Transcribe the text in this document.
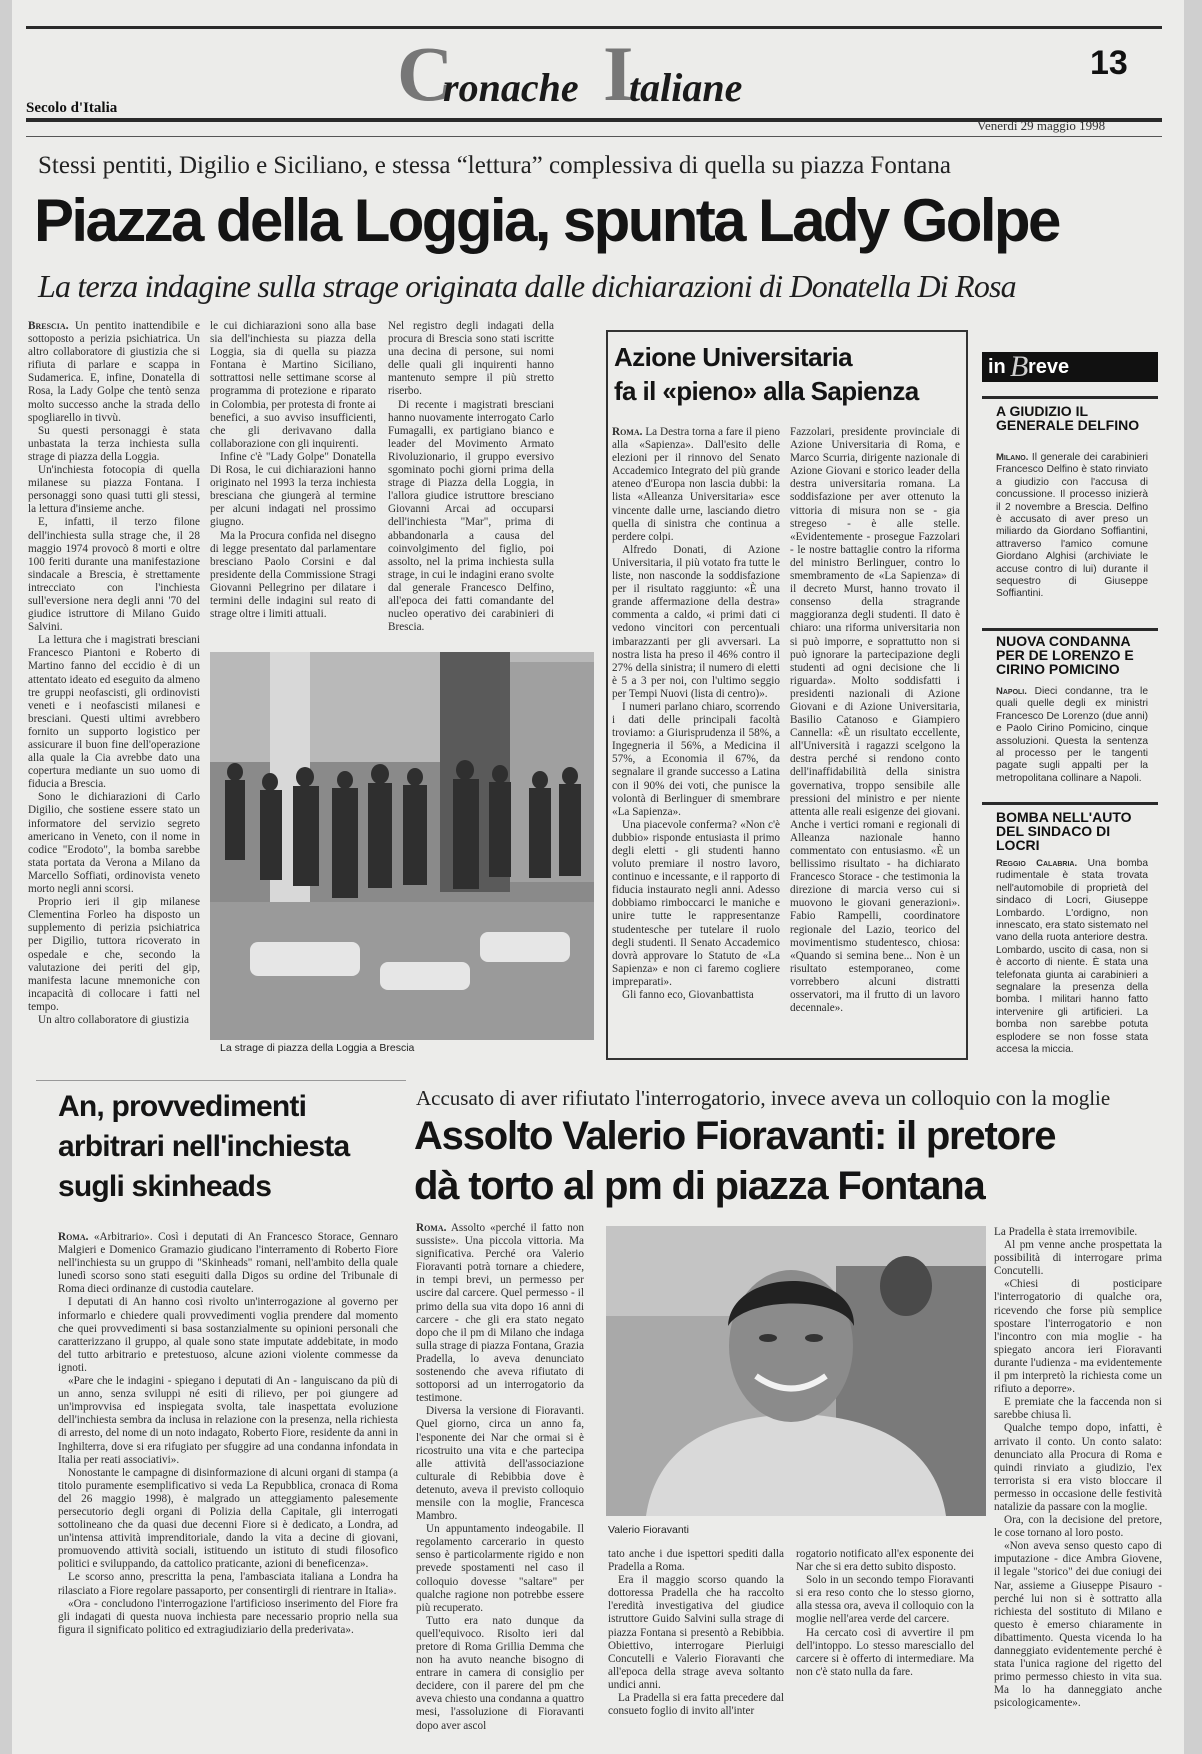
C
ronache I
taliane
13
Secolo d'Italia
Venerdì 29 maggio 1998
Stessi pentiti, Digilio e Siciliano, e stessa “lettura” complessiva di quella su piazza Fontana
Piazza della Loggia, spunta Lady Golpe
La terza indagine sulla strage originata dalle dichiarazioni di Donatella Di Rosa

Brescia. Un pentito inattendibile e sottoposto a perizia psichiatrica. Un altro collaboratore di giustizia che si rifiuta di parlare e scappa in Sudamerica. E, infine, Donatella di Rosa, la Lady Golpe che tentò senza molto successo anche la strada dello spogliarello in tivvù.

Su questi personaggi è stata unbastata la terza inchiesta sulla strage di piazza della Loggia.

Un'inchiesta fotocopia di quella milanese su piazza Fontana. I personaggi sono quasi tutti gli stessi, la lettura d'insieme anche.

E, infatti, il terzo filone dell'inchiesta sulla strage che, il 28 maggio 1974 provocò 8 morti e oltre 100 feriti durante una manifestazione sindacale a Brescia, è strettamente intrecciato con l'inchiesta sull'eversione nera degli anni '70 del giudice istruttore di Milano Guido Salvini.

La lettura che i magistrati bresciani Francesco Piantoni e Roberto di Martino fanno del eccidio è di un attentato ideato ed eseguito da almeno tre gruppi neofascisti, gli ordinovisti veneti e i neofascisti milanesi e bresciani. Questi ultimi avrebbero fornito un supporto logistico per assicurare il buon fine dell'operazione alla quale la Cia avrebbe dato una copertura mediante un suo uomo di fiducia a Brescia.

Sono le dichiarazioni di Carlo Digilio, che sostiene essere stato un informatore del servizio segreto americano in Veneto, con il nome in codice "Erodoto", la bomba sarebbe stata portata da Verona a Milano da Marcello Soffiati, ordinovista veneto morto negli anni scorsi.

Proprio ieri il gip milanese Clementina Forleo ha disposto un supplemento di perizia psichiatrica per Digilio, tuttora ricoverato in ospedale e che, secondo la valutazione dei periti del gip, manifesta lacune mnemoniche con incapacità di collocare i fatti nel tempo.

Un altro collaboratore di giustizia

le cui dichiarazioni sono alla base sia dell'inchiesta su piazza della Loggia, sia di quella su piazza Fontana è Martino Siciliano, sottrattosi nelle settimane scorse al programma di protezione e riparato in Colombia, per protesta di fronte ai benefici, a suo avviso insufficienti, che gli derivavano dalla collaborazione con gli inquirenti.

Infine c'è "Lady Golpe" Donatella Di Rosa, le cui dichiarazioni hanno originato nel 1993 la terza inchiesta bresciana che giungerà al termine per alcuni indagati nel prossimo giugno.

Ma la Procura confida nel disegno di legge presentato dal parlamentare bresciano Paolo Corsini e dal presidente della Commissione Stragi Giovanni Pellegrino per dilatare i termini delle indagini sul reato di strage oltre i limiti attuali.

Nel registro degli indagati della procura di Brescia sono stati iscritte una decina di persone, sui nomi delle quali gli inquirenti hanno mantenuto sempre il più stretto riserbo.

Di recente i magistrati bresciani hanno nuovamente interrogato Carlo Fumagalli, ex partigiano bianco e leader del Movimento Armato Rivoluzionario, il gruppo eversivo sgominato pochi giorni prima della strage di Piazza della Loggia, in l'allora giudice istruttore bresciano Giovanni Arcai ad occuparsi dell'inchiesta "Mar", prima di abbandonarla a causa del coinvolgimento del figlio, poi assolto, nel la prima inchiesta sulla strage, in cui le indagini erano svolte dal generale Francesco Delfino, all'epoca dei fatti comandante del nucleo operativo dei carabinieri di Brescia.

La strage di piazza della Loggia a Brescia
Azione Universitaria
fa il «pieno» alla Sapienza

Roma. La Destra torna a fare il pieno alla «Sapienza». Dall'esito delle elezioni per il rinnovo del Senato Accademico Integrato del più grande ateneo d'Europa non lascia dubbi: la lista «Alleanza Universitaria» esce vincente dalle urne, lasciando dietro quella di sinistra che continua a perdere colpi.

Alfredo Donati, di Azione Universitaria, il più votato fra tutte le liste, non nasconde la soddisfazione per il risultato raggiunto: «È una grande affermazione della destra» commenta a caldo, «i primi dati ci vedono vincitori con percentuali imbarazzanti per gli avversari. La nostra lista ha preso il 46% contro il 27% della sinistra; il numero di eletti è 5 a 3 per noi, con l'ultimo seggio per Tempi Nuovi (lista di centro)».

I numeri parlano chiaro, scorrendo i dati delle principali facoltà troviamo: a Giurisprudenza il 58%, a Ingegneria il 56%, a Medicina il 57%, a Economia il 67%, da segnalare il grande successo a Latina con il 90% dei voti, che punisce la volontà di Berlinguer di smembrare «La Sapienza».

Una piacevole conferma? «Non c'è dubbio» risponde entusiasta il primo degli eletti - gli studenti hanno voluto premiare il nostro lavoro, continuo e incessante, e il rapporto di fiducia instaurato negli anni. Adesso dobbiamo rimboccarci le maniche e unire tutte le rappresentanze studentesche per tutelare il ruolo degli studenti. Il Senato Accademico dovrà approvare lo Statuto de «La Sapienza» e non ci faremo cogliere impreparati».

Gli fanno eco, Giovanbattista

Fazzolari, presidente provinciale di Azione Universitaria di Roma, e Marco Scurria, dirigente nazionale di Azione Giovani e storico leader della destra universitaria romana. La soddisfazione per aver ottenuto la vittoria di misura non se - gia stregeso - è alle stelle. «Evidentemente - prosegue Fazzolari - le nostre battaglie contro la riforma del ministro Berlinguer, contro lo smembramento de «La Sapienza» di il decreto Murst, hanno trovato il consenso della stragrande maggioranza degli studenti. Il dato è chiaro: una riforma universitaria non si può imporre, e soprattutto non si può ignorare la partecipazione degli studenti ad ogni decisione che li riguarda». Molto soddisfatti i presidenti nazionali di Azione Giovani e di Azione Universitaria, Basilio Catanoso e Giampiero Cannella: «È un risultato eccellente, all'Università i ragazzi scelgono la destra perché si rendono conto dell'inaffidabilità della sinistra governativa, troppo sensibile alle pressioni del ministro e per niente attenta alle reali esigenze dei giovani. Anche i vertici romani e regionali di Alleanza nazionale hanno commentato con entusiasmo. «È un bellissimo risultato - ha dichiarato Francesco Storace - che testimonia la direzione di marcia verso cui si muovono le giovani generazioni». Fabio Rampelli, coordinatore regionale del Lazio, teorico del movimentismo studentesco, chiosa: «Quando si semina bene... Non è un risultato estemporaneo, come vorrebbero alcuni distratti osservatori, ma il frutto di un lavoro decennale».

in B reve
A GIUDIZIO IL GENERALE DELFINO
Milano. Il generale dei carabinieri Francesco Delfino è stato rinviato a giudizio con l'accusa di concussione. Il processo inizierà il 2 novembre a Brescia. Delfino è accusato di aver preso un miliardo da Giordano Soffiantini, attraverso l'amico comune Giordano Alghisi (archiviate le accuse contro di lui) durante il sequestro di Giuseppe Soffiantini.
NUOVA CONDANNA PER DE LORENZO E CIRINO POMICINO
Napoli. Dieci condanne, tra le quali quelle degli ex ministri Francesco De Lorenzo (due anni) e Paolo Cirino Pomicino, cinque assoluzioni. Questa la sentenza al processo per le tangenti pagate sugli appalti per la metropolitana collinare a Napoli.
BOMBA NELL'AUTO DEL SINDACO DI LOCRI
Reggio Calabria. Una bomba rudimentale è stata trovata nell'automobile di proprietà del sindaco di Locri, Giuseppe Lombardo. L'ordigno, non innescato, era stato sistemato nel vano della ruota anteriore destra. Lombardo, uscito di casa, non si è accorto di niente. È stata una telefonata giunta ai carabinieri a segnalare la presenza della bomba. I militari hanno fatto intervenire gli artificieri. La bomba non sarebbe potuta esplodere se non fosse stata accesa la miccia.
An, provvedimenti arbitrari nell'inchiesta sugli skinheads

Roma. «Arbitrario». Così i deputati di An Francesco Storace, Gennaro Malgieri e Domenico Gramazio giudicano l'interramento di Roberto Fiore nell'inchiesta su un gruppo di "Skinheads" romani, nell'ambito della quale lunedì scorso sono stati eseguiti dalla Digos su ordine del Tribunale di Roma dieci ordinanze di custodia cautelare.

I deputati di An hanno così rivolto un'interrogazione al governo per informarlo e chiedere quali provvedimenti voglia prendere dal momento che quei provvedimenti si basa sostanzialmente su opinioni personali che caratterizzano il gruppo, al quale sono state imputate addebitate, in modo del tutto arbitrario e pretestuoso, alcune azioni violente commesse da ignoti.

«Pare che le indagini - spiegano i deputati di An - languiscano da più di un anno, senza sviluppi né esiti di rilievo, per poi giungere ad un'improvvisa ed inspiegata svolta, tale inaspettata evoluzione dell'inchiesta sembra da inclusa in relazione con la presenza, nella richiesta di arresto, del nome di un noto indagato, Roberto Fiore, residente da anni in Inghilterra, dove si era rifugiato per sfuggire ad una condanna infondata in Italia per reati associativi».

Nonostante le campagne di disinformazione di alcuni organi di stampa (a titolo puramente esemplificativo si veda La Repubblica, cronaca di Roma del 26 maggio 1998), è malgrado un atteggiamento palesemente persecutorio degli organi di Polizia della Capitale, gli interrogati sottolineano che da quasi due decenni Fiore si è dedicato, a Londra, ad un'intensa attività imprenditoriale, dando la vita a decine di giovani, promuovendo attività sociali, istituendo un istituto di studi filosofico politici e sviluppando, da cattolico praticante, azioni di beneficenza».

Le scorso anno, prescritta la pena, l'ambasciata italiana a Londra ha rilasciato a Fiore regolare passaporto, per consentirgli di rientrare in Italia».

«Ora - concludono l'interrogazione l'artificioso inserimento del Fiore fra gli indagati di questa nuova inchiesta pare necessario proprio nella sua figura il significato politico ed extragiudiziario della prederivata».

Accusato di aver rifiutato l'interrogatorio, invece aveva un colloquio con la moglie
Assolto Valerio Fioravanti: il pretore
dà torto al pm di piazza Fontana

Roma. Assolto «perché il fatto non sussiste». Una piccola vittoria. Ma significativa. Perché ora Valerio Fioravanti potrà tornare a chiedere, in tempi brevi, un permesso per uscire dal carcere. Quel permesso - il primo della sua vita dopo 16 anni di carcere - che gli era stato negato dopo che il pm di Milano che indaga sulla strage di piazza Fontana, Grazia Pradella, lo aveva denunciato sostenendo che aveva rifiutato di sottoporsi ad un interrogatorio da testimone.

Diversa la versione di Fioravanti. Quel giorno, circa un anno fa, l'esponente dei Nar che ormai si è ricostruito una vita e che partecipa alle attività dell'associazione culturale di Rebibbia dove è detenuto, aveva il previsto colloquio mensile con la moglie, Francesca Mambro.

Un appuntamento indeogabile. Il regolamento carcerario in questo senso è particolarmente rigido e non prevede spostamenti nel caso il colloquio dovesse "saltare" per qualche ragione non potrebbe essere più recuperato.

Tutto era nato dunque da quell'equivoco. Risolto ieri dal pretore di Roma Grillia Demma che non ha avuto neanche bisogno di entrare in camera di consiglio per decidere, con il parere del pm che aveva chiesto una condanna a quattro mesi, l'assoluzione di Fioravanti dopo aver ascol

Valerio Fioravanti

tato anche i due ispettori spediti dalla Pradella a Roma.

Era il maggio scorso quando la dottoressa Pradella che ha raccolto l'eredità investigativa del giudice istruttore Guido Salvini sulla strage di piazza Fontana si presentò a Rebibbia. Obiettivo, interrogare Pierluigi Concutelli e Valerio Fioravanti che all'epoca della strage aveva soltanto undici anni.

La Pradella si era fatta precedere dal consueto foglio di invito all'inter

rogatorio notificato all'ex esponente dei Nar che si era detto subito disposto.

Solo in un secondo tempo Fioravanti si era reso conto che lo stesso giorno, alla stessa ora, aveva il colloquio con la moglie nell'area verde del carcere.

Ha cercato così di avvertire il pm dell'intoppo. Lo stesso maresciallo del carcere si è offerto di intermediare. Ma non c'è stato nulla da fare.

La Pradella è stata irremovibile.

Al pm venne anche prospettata la possibilità di interrogare prima Concutelli.

«Chiesi di posticipare l'interrogatorio di qualche ora, ricevendo che forse più semplice spostare l'interrogatorio e non l'incontro con mia moglie - ha spiegato ancora ieri Fioravanti durante l'udienza - ma evidentemente il pm interpretò la richiesta come un rifiuto a deporre».

E premiate che la faccenda non si sarebbe chiusa lì.

Qualche tempo dopo, infatti, è arrivato il conto. Un conto salato: denunciato alla Procura di Roma e quindi rinviato a giudizio, l'ex terrorista si era visto bloccare il permesso in occasione delle festività natalizie da passare con la moglie.

Ora, con la decisione del pretore, le cose tornano al loro posto.

«Non aveva senso questo capo di imputazione - dice Ambra Giovene, il legale "storico" dei due coniugi dei Nar, assieme a Giuseppe Pisauro - perché lui non si è sottratto alla richiesta del sostituto di Milano e questo è emerso chiaramente in dibattimento. Questa vicenda lo ha danneggiato evidentemente perché è stata l'unica ragione del rigetto del primo permesso chiesto in vita sua. Ma lo ha danneggiato anche psicologicamente».
